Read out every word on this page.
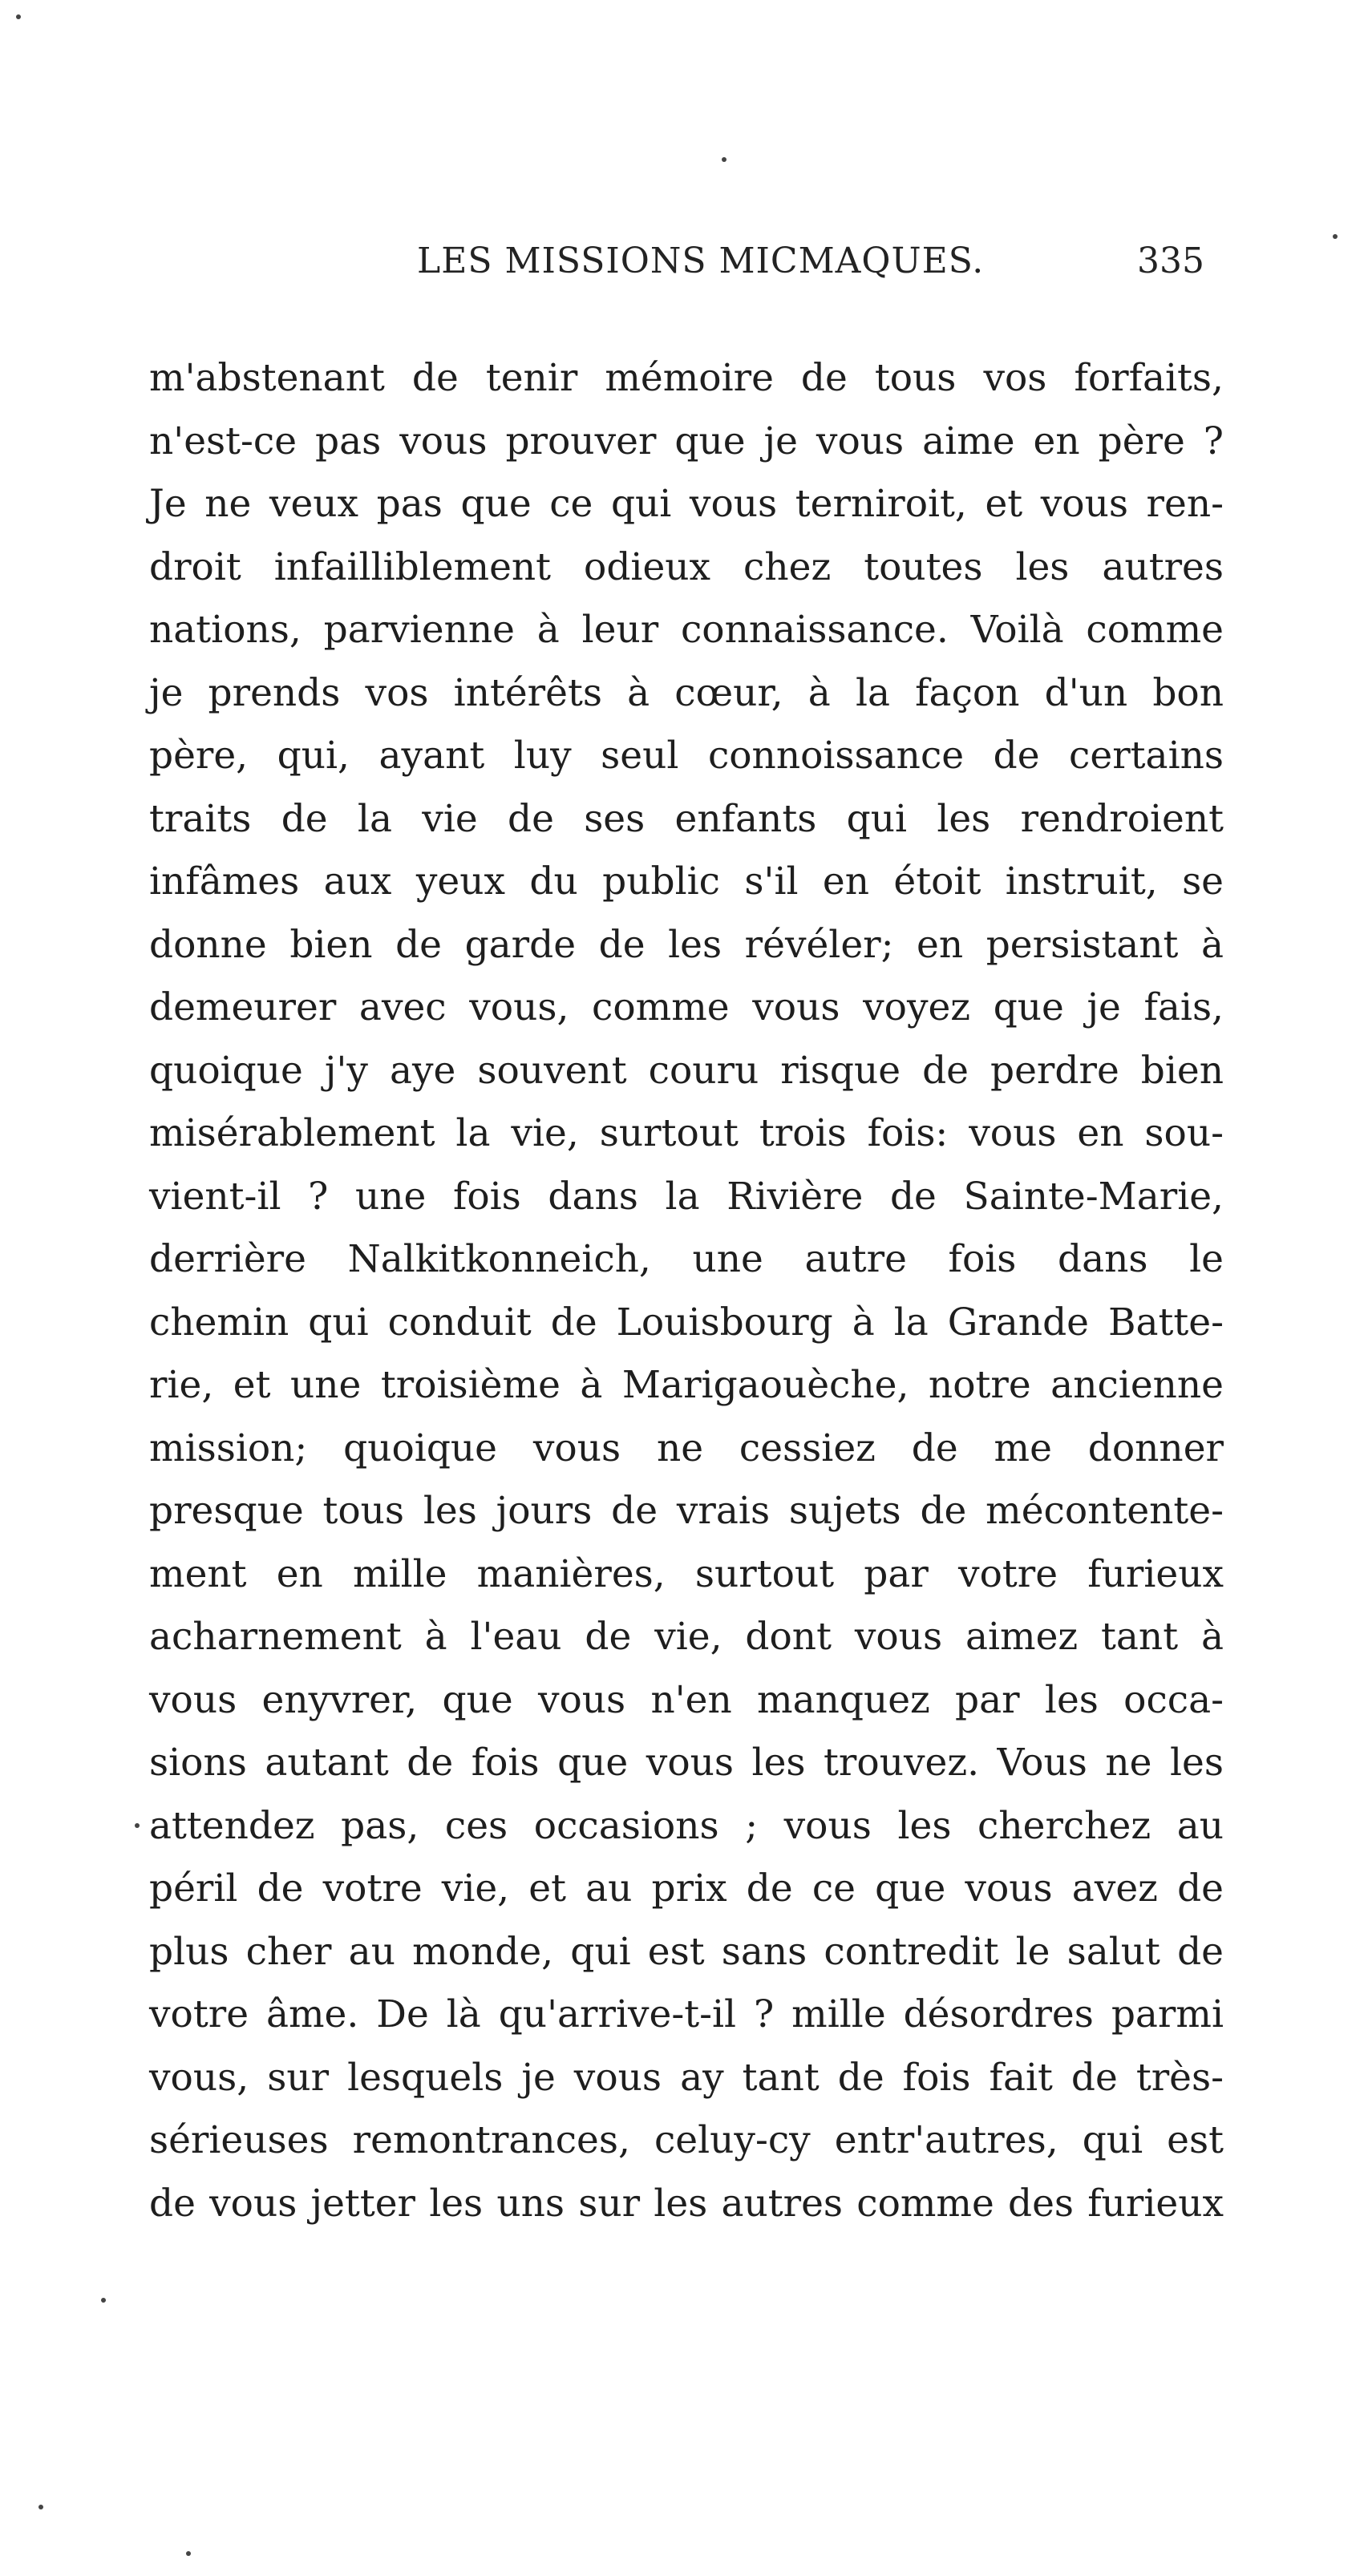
LES MISSIONS MICMAQUES.	335
m'abstenant de tenir mémoire de tous vos forfaits,
n'est-ce pas vous prouver que je vous aime en père ?
Je ne veux pas que ce qui vous terniroit, et vous ren-
droit infailliblement odieux chez toutes les autres
nations, parvienne à leur connaissance. Voilà comme
je prends vos intérêts à cœur, à la façon d'un bon
père, qui, ayant luy seul connoissance de certains
traits de la vie de ses enfants qui les rendroient
infâmes aux yeux du public s'il en étoit instruit, se
donne bien de garde de les révéler; en persistant à
demeurer avec vous, comme vous voyez que je fais,
quoique j'y aye souvent couru risque de perdre bien
misérablement la vie, surtout trois fois: vous en sou-
vient-il ? une fois dans la Rivière de Sainte-Marie,
derrière Nalkitkonneich, une autre fois dans le
chemin qui conduit de Louisbourg à la Grande Batte-
rie, et une troisième à Marigaouèche, notre ancienne
mission; quoique vous ne cessiez de me donner
presque tous les jours de vrais sujets de mécontente-
ment en mille manières, surtout par votre furieux
acharnement à l'eau de vie, dont vous aimez tant à
vous enyvrer, que vous n'en manquez par les occa-
sions autant de fois que vous les trouvez. Vous ne les
attendez pas, ces occasions ; vous les cherchez au
péril de votre vie, et au prix de ce que vous avez de
plus cher au monde, qui est sans contredit le salut de
votre âme. De là qu'arrive-t-il ? mille désordres parmi
vous, sur lesquels je vous ay tant de fois fait de très-
sérieuses remontrances, celuy-cy entr'autres, qui est
de vous jetter les uns sur les autres comme des furieux
